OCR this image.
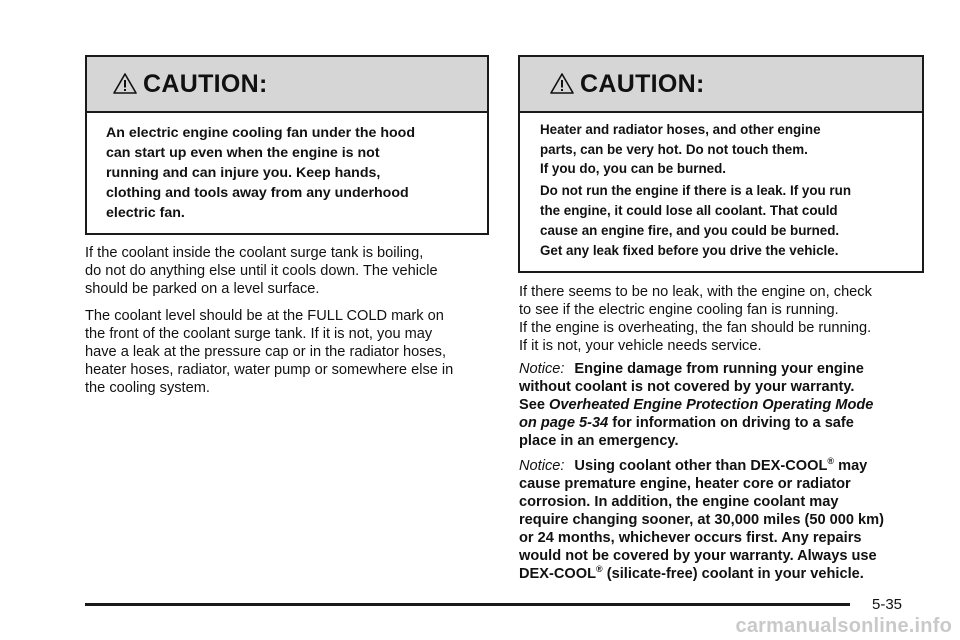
CAUTION:

An electric engine cooling fan under the hood

can start up even when the engine is not

running and can injure you. Keep hands,

clothing and tools away from any underhood

electric fan.

If the coolant inside the coolant surge tank is boiling,

do not do anything else until it cools down. The vehicle

should be parked on a level surface.

The coolant level should be at the FULL COLD mark on

the front of the coolant surge tank. If it is not, you may

have a leak at the pressure cap or in the radiator hoses,

heater hoses, radiator, water pump or somewhere else in

the cooling system.

CAUTION:

Heater and radiator hoses, and other engine

parts, can be very hot. Do not touch them.

If you do, you can be burned.

Do not run the engine if there is a leak. If you run

the engine, it could lose all coolant. That could

cause an engine fire, and you could be burned.

Get any leak fixed before you drive the vehicle.

If there seems to be no leak, with the engine on, check

to see if the electric engine cooling fan is running.

If the engine is overheating, the fan should be running.

If it is not, your vehicle needs service.

Notice: Engine damage from running your engine

without coolant is not covered by your warranty.

See Overheated Engine Protection Operating Mode

on page 5-34 for information on driving to a safe

place in an emergency.

Notice: Using coolant other than DEX-COOL® may

cause premature engine, heater core or radiator

corrosion. In addition, the engine coolant may

require changing sooner, at 30,000 miles (50 000 km)

or 24 months, whichever occurs first. Any repairs

would not be covered by your warranty. Always use

DEX-COOL® (silicate-free) coolant in your vehicle.

5-35
carmanualsonline.info
